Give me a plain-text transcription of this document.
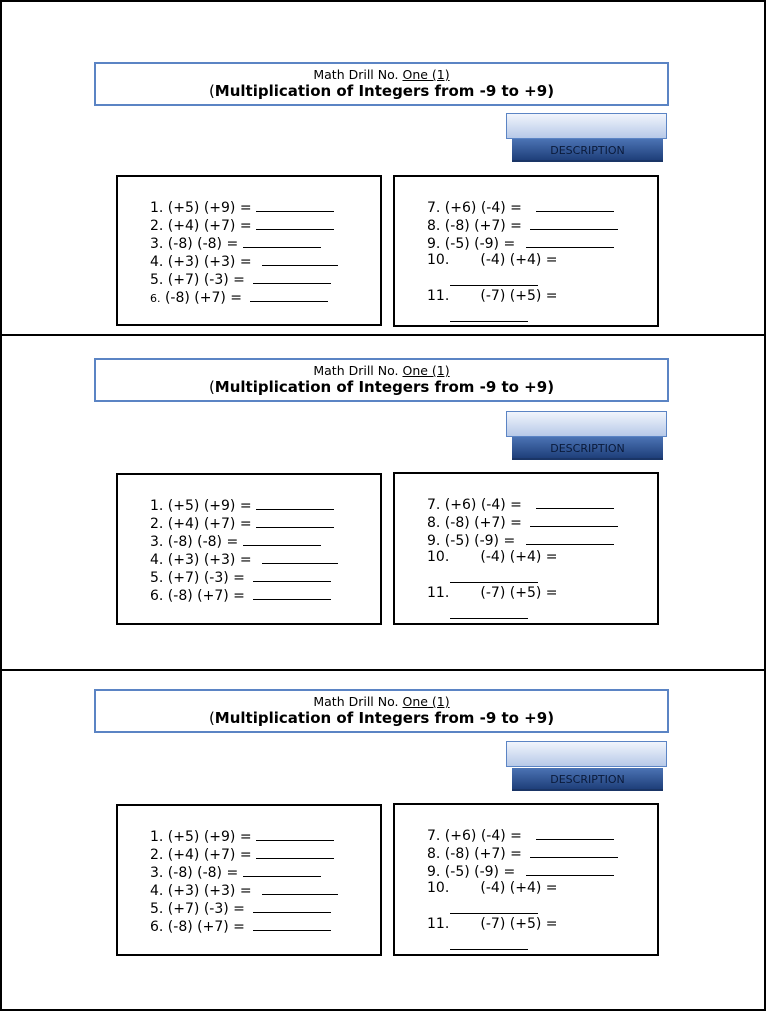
Math Drill No. One (1)
(Multiplication of Integers from -9 to +9)
DESCRIPTION
1. (+5) (+9) =
2. (+4) (+7) =
3. (-8) (-8) =
4. (+3) (+3) =
5. (+7) (-3) =
6. (-8) (+7) =
7. (+6) (-4) =
8. (-8) (+7) =
9. (-5) (-9) =
10.       (-4) (+4) =
11.       (-7) (+5) =
Math Drill No. One (1)
(Multiplication of Integers from -9 to +9)
DESCRIPTION
1. (+5) (+9) =
2. (+4) (+7) =
3. (-8) (-8) =
4. (+3) (+3) =
5. (+7) (-3) =
6. (-8) (+7) =
7. (+6) (-4) =
8. (-8) (+7) =
9. (-5) (-9) =
10.       (-4) (+4) =
11.       (-7) (+5) =
Math Drill No. One (1)
(Multiplication of Integers from -9 to +9)
DESCRIPTION
1. (+5) (+9) =
2. (+4) (+7) =
3. (-8) (-8) =
4. (+3) (+3) =
5. (+7) (-3) =
6. (-8) (+7) =
7. (+6) (-4) =
8. (-8) (+7) =
9. (-5) (-9) =
10.       (-4) (+4) =
11.       (-7) (+5) =
